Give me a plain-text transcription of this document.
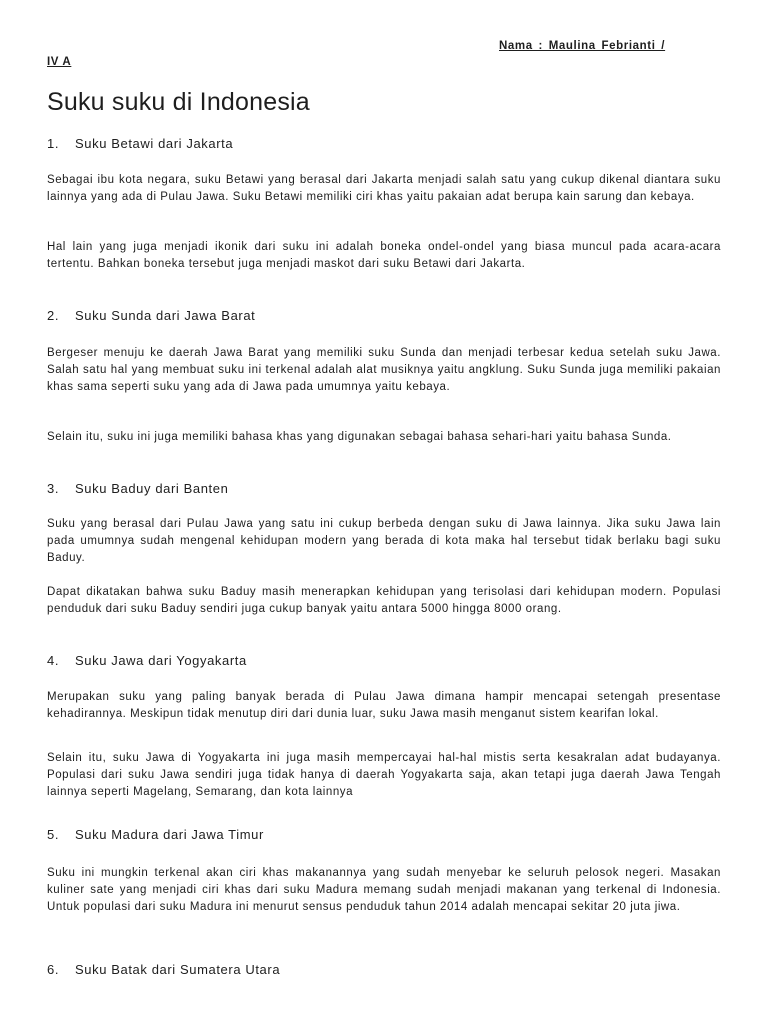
Nama : Maulina Febrianti /
IV A
Suku suku di Indonesia
1. Suku Betawi dari Jakarta

Sebagai ibu kota negara, suku Betawi yang berasal dari Jakarta menjadi salah satu yang cukup dikenal diantara suku lainnya yang ada di Pulau Jawa. Suku Betawi memiliki ciri khas yaitu pakaian adat berupa kain sarung dan kebaya.

Hal lain yang juga menjadi ikonik dari suku ini adalah boneka ondel-ondel yang biasa muncul pada acara-acara tertentu. Bahkan boneka tersebut juga menjadi maskot dari suku Betawi dari Jakarta.

2. Suku Sunda dari Jawa Barat

Bergeser menuju ke daerah Jawa Barat yang memiliki suku Sunda dan menjadi terbesar kedua setelah suku Jawa. Salah satu hal yang membuat suku ini terkenal adalah alat musiknya yaitu angklung. Suku Sunda juga memiliki pakaian khas sama seperti suku yang ada di Jawa pada umumnya yaitu kebaya.

Selain itu, suku ini juga memiliki bahasa khas yang digunakan sebagai bahasa sehari-hari yaitu bahasa Sunda.

3. Suku Baduy dari Banten

Suku yang berasal dari Pulau Jawa yang satu ini cukup berbeda dengan suku di Jawa lainnya. Jika suku Jawa lain pada umumnya sudah mengenal kehidupan modern yang berada di kota maka hal tersebut tidak berlaku bagi suku Baduy.

Dapat dikatakan bahwa suku Baduy masih menerapkan kehidupan yang terisolasi dari kehidupan modern. Populasi penduduk dari suku Baduy sendiri juga cukup banyak yaitu antara 5000 hingga 8000 orang.

4. Suku Jawa dari Yogyakarta

Merupakan suku yang paling banyak berada di Pulau Jawa dimana hampir mencapai setengah presentase kehadirannya. Meskipun tidak menutup diri dari dunia luar, suku Jawa masih menganut sistem kearifan lokal.

Selain itu, suku Jawa di Yogyakarta ini juga masih mempercayai hal-hal mistis serta kesakralan adat budayanya. Populasi dari suku Jawa sendiri juga tidak hanya di daerah Yogyakarta saja, akan tetapi juga daerah Jawa Tengah lainnya seperti Magelang, Semarang, dan kota lainnya

5. Suku Madura dari Jawa Timur

Suku ini mungkin terkenal akan ciri khas makanannya yang sudah menyebar ke seluruh pelosok negeri. Masakan kuliner sate yang menjadi ciri khas dari suku Madura memang sudah menjadi makanan yang terkenal di Indonesia. Untuk populasi dari suku Madura ini menurut sensus penduduk tahun 2014 adalah mencapai sekitar 20 juta jiwa.

6. Suku Batak dari Sumatera Utara
